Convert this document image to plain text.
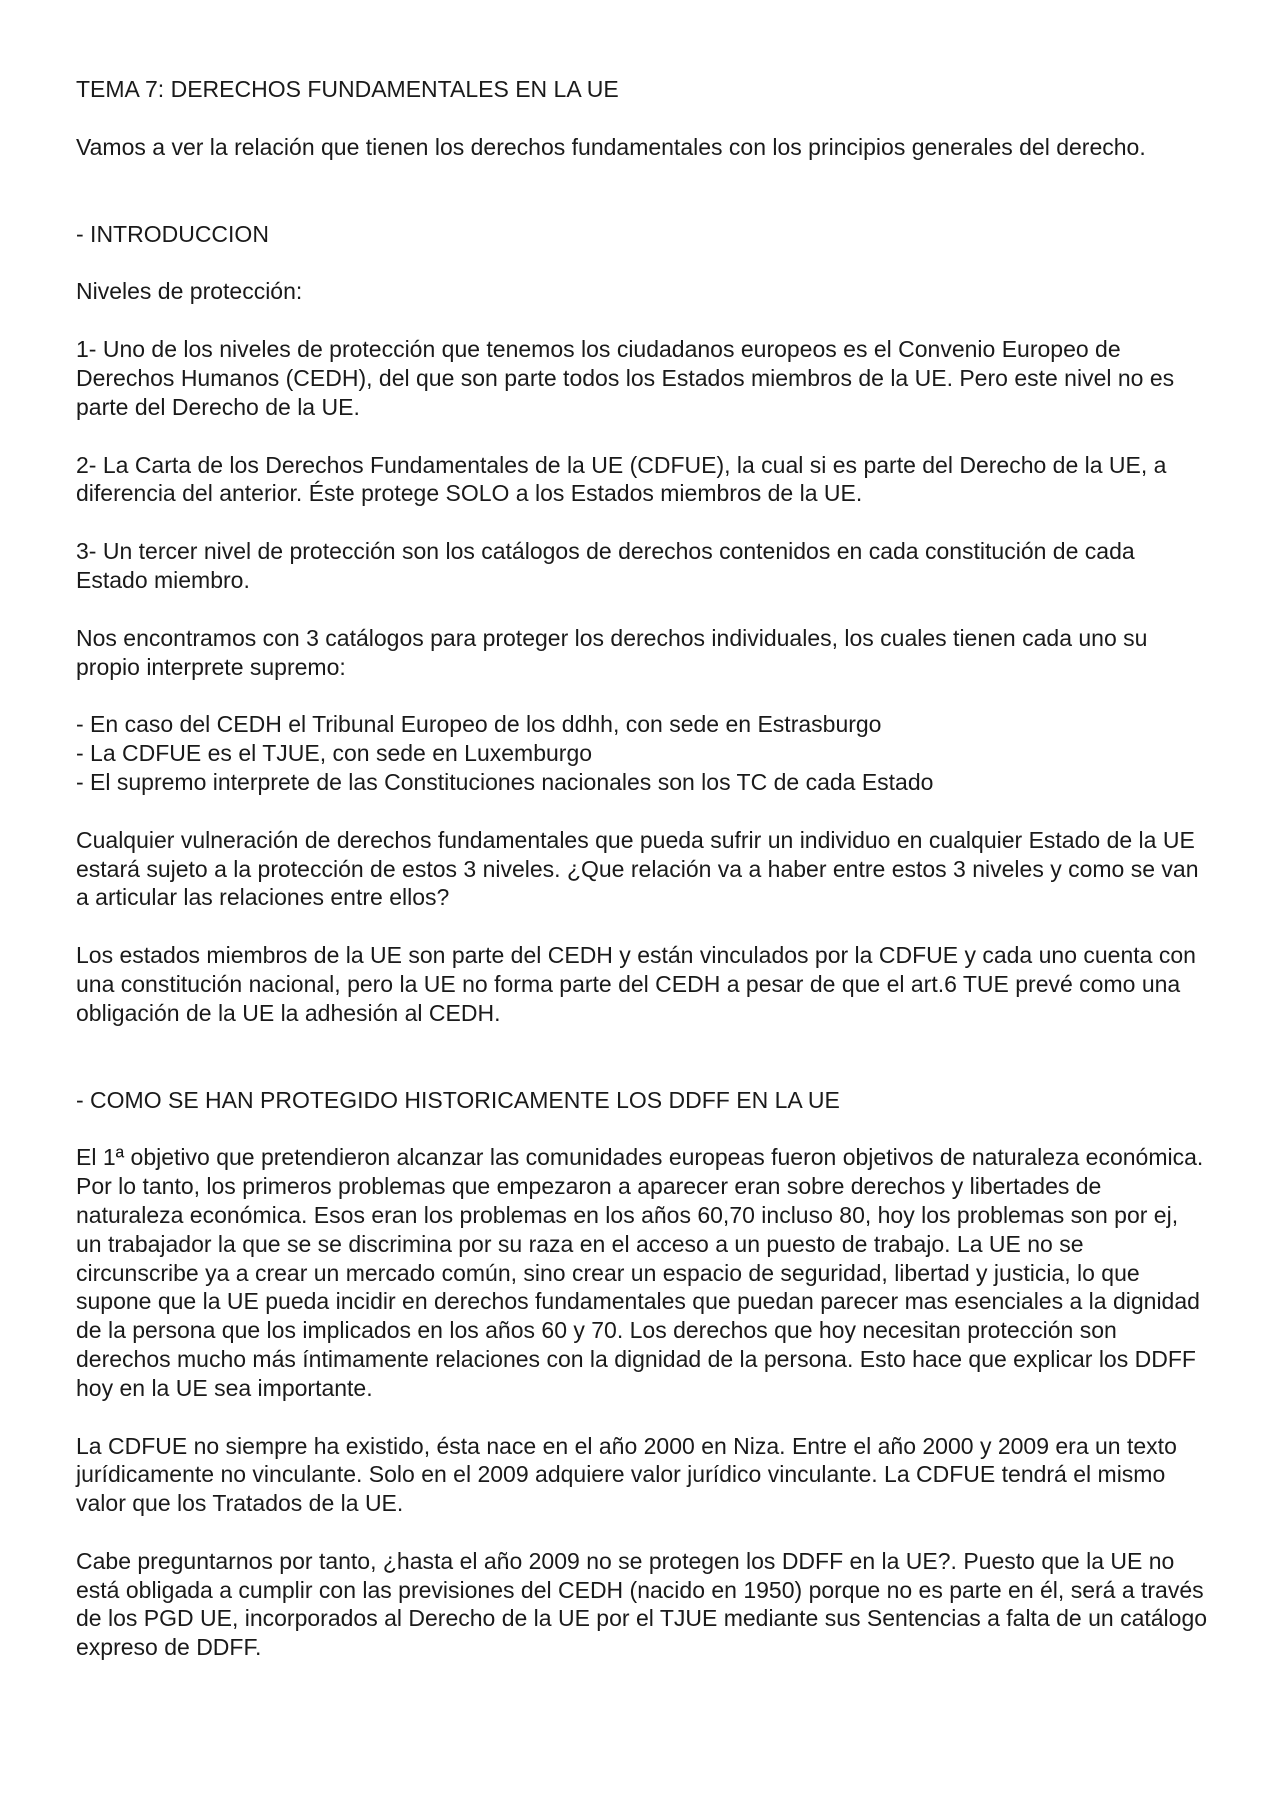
TEMA 7: DERECHOS FUNDAMENTALES EN LA UE

Vamos a ver la relación que tienen los derechos fundamentales con los principios generales del derecho.

- INTRODUCCION

Niveles de protección:

1- Uno de los niveles de protección que tenemos los ciudadanos europeos es el Convenio Europeo de Derechos Humanos (CEDH), del que son parte todos los Estados miembros de la UE. Pero este nivel no es parte del Derecho de la UE.

2- La Carta de los Derechos Fundamentales de la UE (CDFUE), la cual si es parte del Derecho de la UE, a diferencia del anterior. Éste protege SOLO a los Estados miembros de la UE.

3- Un tercer nivel de protección son los catálogos de derechos contenidos en cada constitución de cada Estado miembro.

Nos encontramos con 3 catálogos para proteger los derechos individuales, los cuales tienen cada uno su propio interprete supremo:

- En caso del CEDH el Tribunal Europeo de los ddhh, con sede en Estrasburgo

- La CDFUE es el TJUE, con sede en Luxemburgo

- El supremo interprete de las Constituciones nacionales son los TC de cada Estado

Cualquier vulneración de derechos fundamentales que pueda sufrir un individuo en cualquier Estado de la UE estará sujeto a la protección de estos 3 niveles. ¿Que relación va a haber entre estos 3 niveles y como se van a articular las relaciones entre ellos?

Los estados miembros de la UE son parte del CEDH y están vinculados por la CDFUE y cada uno cuenta con una constitución nacional, pero la UE no forma parte del CEDH a pesar de que el art.6 TUE prevé como una obligación de la UE la adhesión al CEDH.

- COMO SE HAN PROTEGIDO HISTORICAMENTE LOS DDFF EN LA UE

El 1ª objetivo que pretendieron alcanzar las comunidades europeas fueron objetivos de naturaleza económica. Por lo tanto, los primeros problemas que empezaron a aparecer eran sobre derechos y libertades de naturaleza económica. Esos eran los problemas en los años 60,70 incluso 80, hoy los problemas son por ej, un trabajador la que se se discrimina por su raza en el acceso a un puesto de trabajo. La UE no se circunscribe ya a crear un mercado común, sino crear un espacio de seguridad, libertad y justicia, lo que supone que la UE pueda incidir en derechos fundamentales que puedan parecer mas esenciales a la dignidad de la persona que los implicados en los años 60 y 70. Los derechos que hoy necesitan protección son derechos mucho más íntimamente relaciones con la dignidad de la persona. Esto hace que explicar los DDFF hoy en la UE sea importante.

La CDFUE no siempre ha existido, ésta nace en el año 2000 en Niza. Entre el año 2000 y 2009 era un texto jurídicamente no vinculante. Solo en el 2009 adquiere valor jurídico vinculante. La CDFUE tendrá el mismo valor que los Tratados de la UE.

Cabe preguntarnos por tanto, ¿hasta el año 2009 no se protegen los DDFF en la UE?. Puesto que la UE no está obligada a cumplir con las previsiones del CEDH (nacido en 1950) porque no es parte en él, será a través de los PGD UE, incorporados al Derecho de la UE por el TJUE mediante sus Sentencias a falta de un catálogo expreso de DDFF.
